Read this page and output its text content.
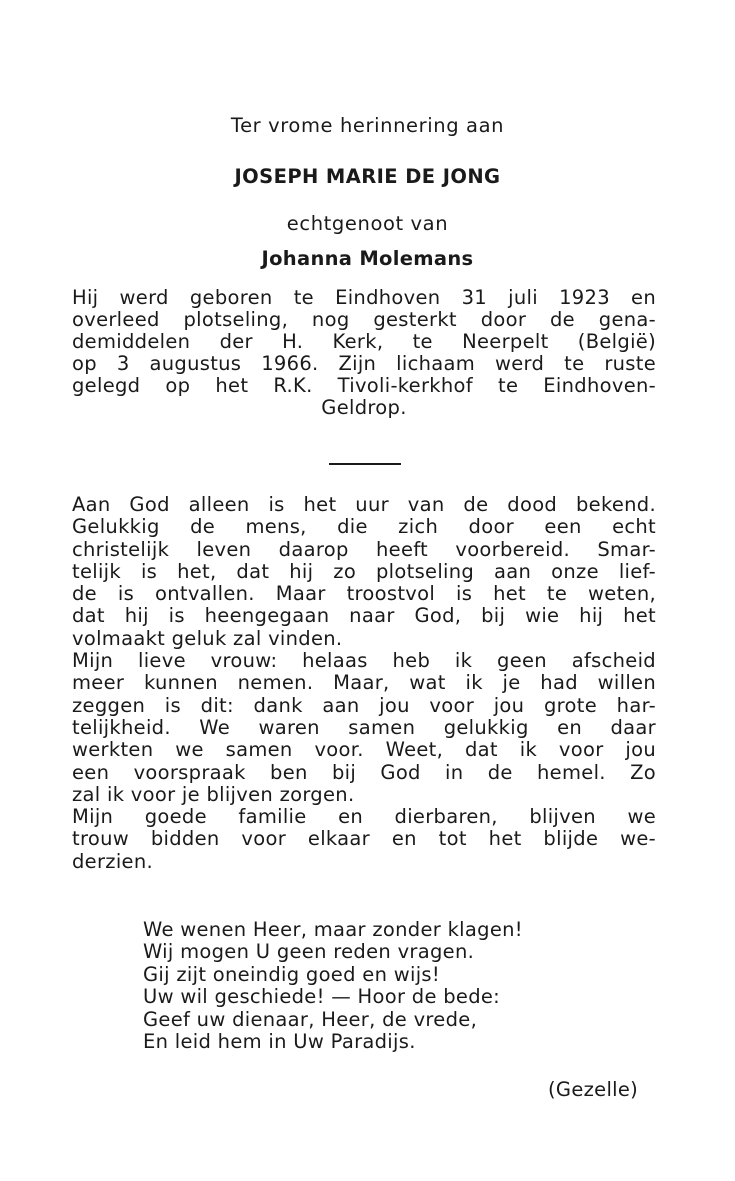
Ter vrome herinnering aan
JOSEPH MARIE DE JONG
echtgenoot van
Johanna Molemans
Hij werd geboren te Eindhoven 31 juli 1923 en
overleed plotseling, nog gesterkt door de gena-
demiddelen der H. Kerk, te Neerpelt (België)
op 3 augustus 1966. Zijn lichaam werd te ruste
gelegd op het R.K. Tivoli-kerkhof te Eindhoven-
Geldrop.
Aan God alleen is het uur van de dood bekend.
Gelukkig de mens, die zich door een echt
christelijk leven daarop heeft voorbereid. Smar-
telijk is het, dat hij zo plotseling aan onze lief-
de is ontvallen. Maar troostvol is het te weten,
dat hij is heengegaan naar God, bij wie hij het
volmaakt geluk zal vinden.
Mijn lieve vrouw: helaas heb ik geen afscheid
meer kunnen nemen. Maar, wat ik je had willen
zeggen is dit: dank aan jou voor jou grote har-
telijkheid. We waren samen gelukkig en daar
werkten we samen voor. Weet, dat ik voor jou
een voorspraak ben bij God in de hemel. Zo
zal ik voor je blijven zorgen.
Mijn goede familie en dierbaren, blijven we
trouw bidden voor elkaar en tot het blijde we-
derzien.
We wenen Heer, maar zonder klagen!
Wij mogen U geen reden vragen.
Gij zijt oneindig goed en wijs!
Uw wil geschiede! — Hoor de bede:
Geef uw dienaar, Heer, de vrede,
En leid hem in Uw Paradijs.
(Gezelle)
